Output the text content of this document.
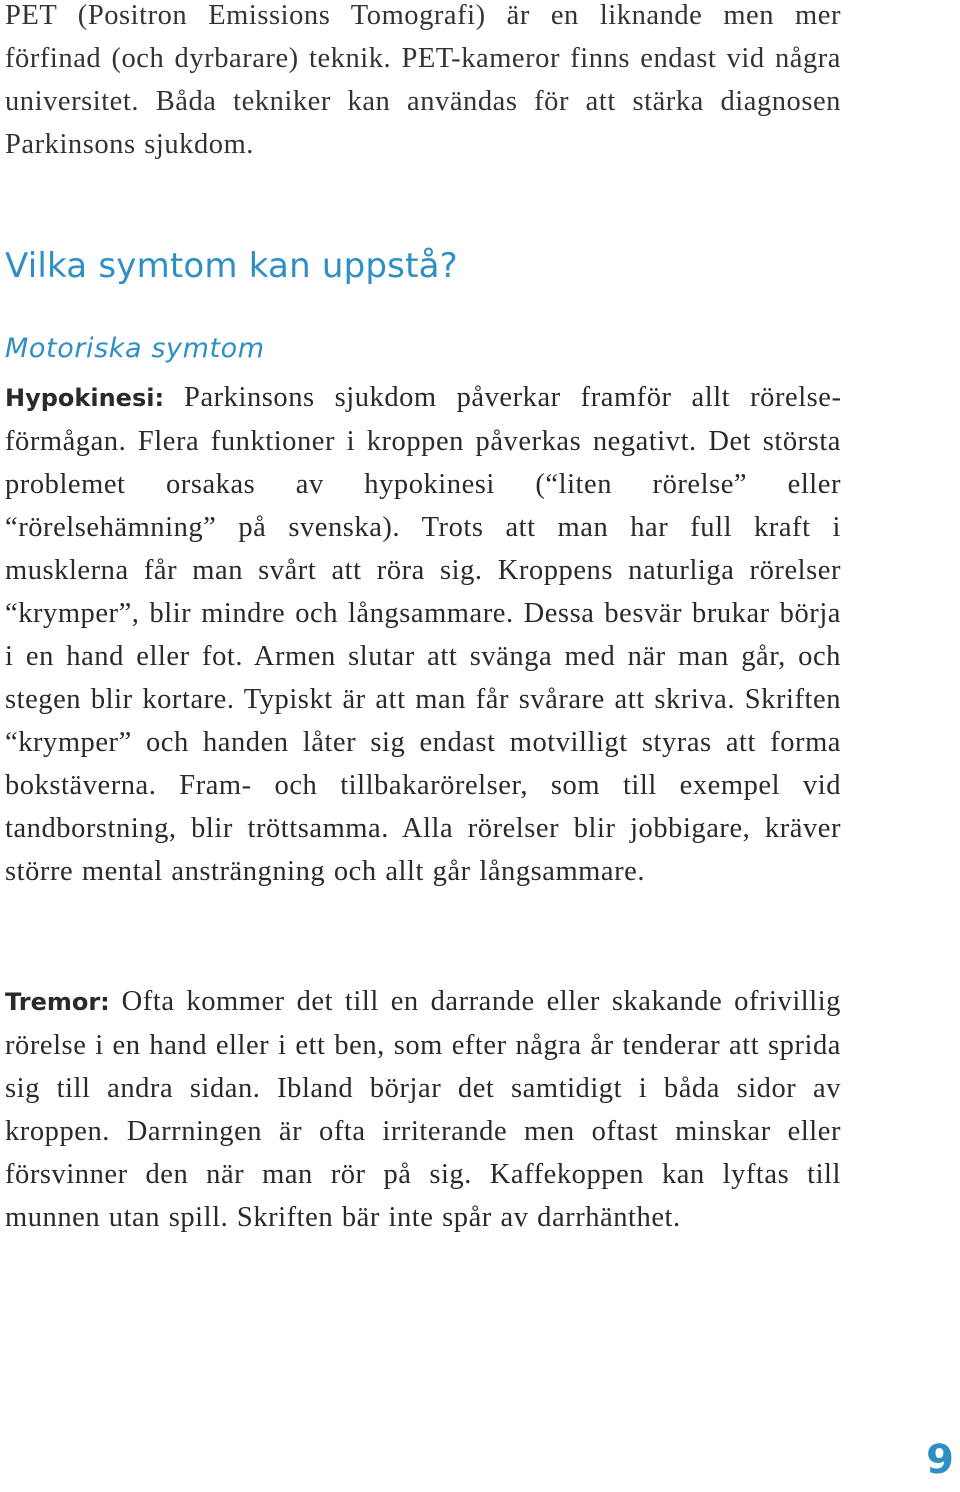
PET (Positron Emissions Tomografi) är en liknande men mer förfinad (och dyrbarare) teknik. PET-kameror finns endast vid några universitet. Båda tekniker kan användas för att stärka diagnosen Parkinsons sjukdom.

Vilka symtom kan uppstå?
Motoriska symtom

Hypokinesi: Parkinsons sjukdom påverkar framför allt rörelseförmågan. Flera funktioner i kroppen påverkas negativt. Det största problemet orsakas av hypokinesi (“liten rörelse” eller “rörelsehämning” på svenska). Trots att man har full kraft i musklerna får man svårt att röra sig. Kroppens naturliga rörelser “krymper”, blir mindre och långsammare. Dessa besvär brukar börja i en hand eller fot. Armen slutar att svänga med när man går, och stegen blir kortare. Typiskt är att man får svårare att skriva. Skriften “krymper” och handen låter sig endast motvilligt styras att forma bokstäverna. Fram- och tillbakarörelser, som till exempel vid tandborstning, blir tröttsamma. Alla rörelser blir jobbigare, kräver större mental ansträngning och allt går långsammare.

Tremor: Ofta kommer det till en darrande eller skakande ofrivillig rörelse i en hand eller i ett ben, som efter några år tenderar att sprida sig till andra sidan. Ibland börjar det samtidigt i båda sidor av kroppen. Darrningen är ofta irriterande men oftast minskar eller försvinner den när man rör på sig. Kaffekoppen kan lyftas till munnen utan spill. Skriften bär inte spår av darrhänthet.

9
